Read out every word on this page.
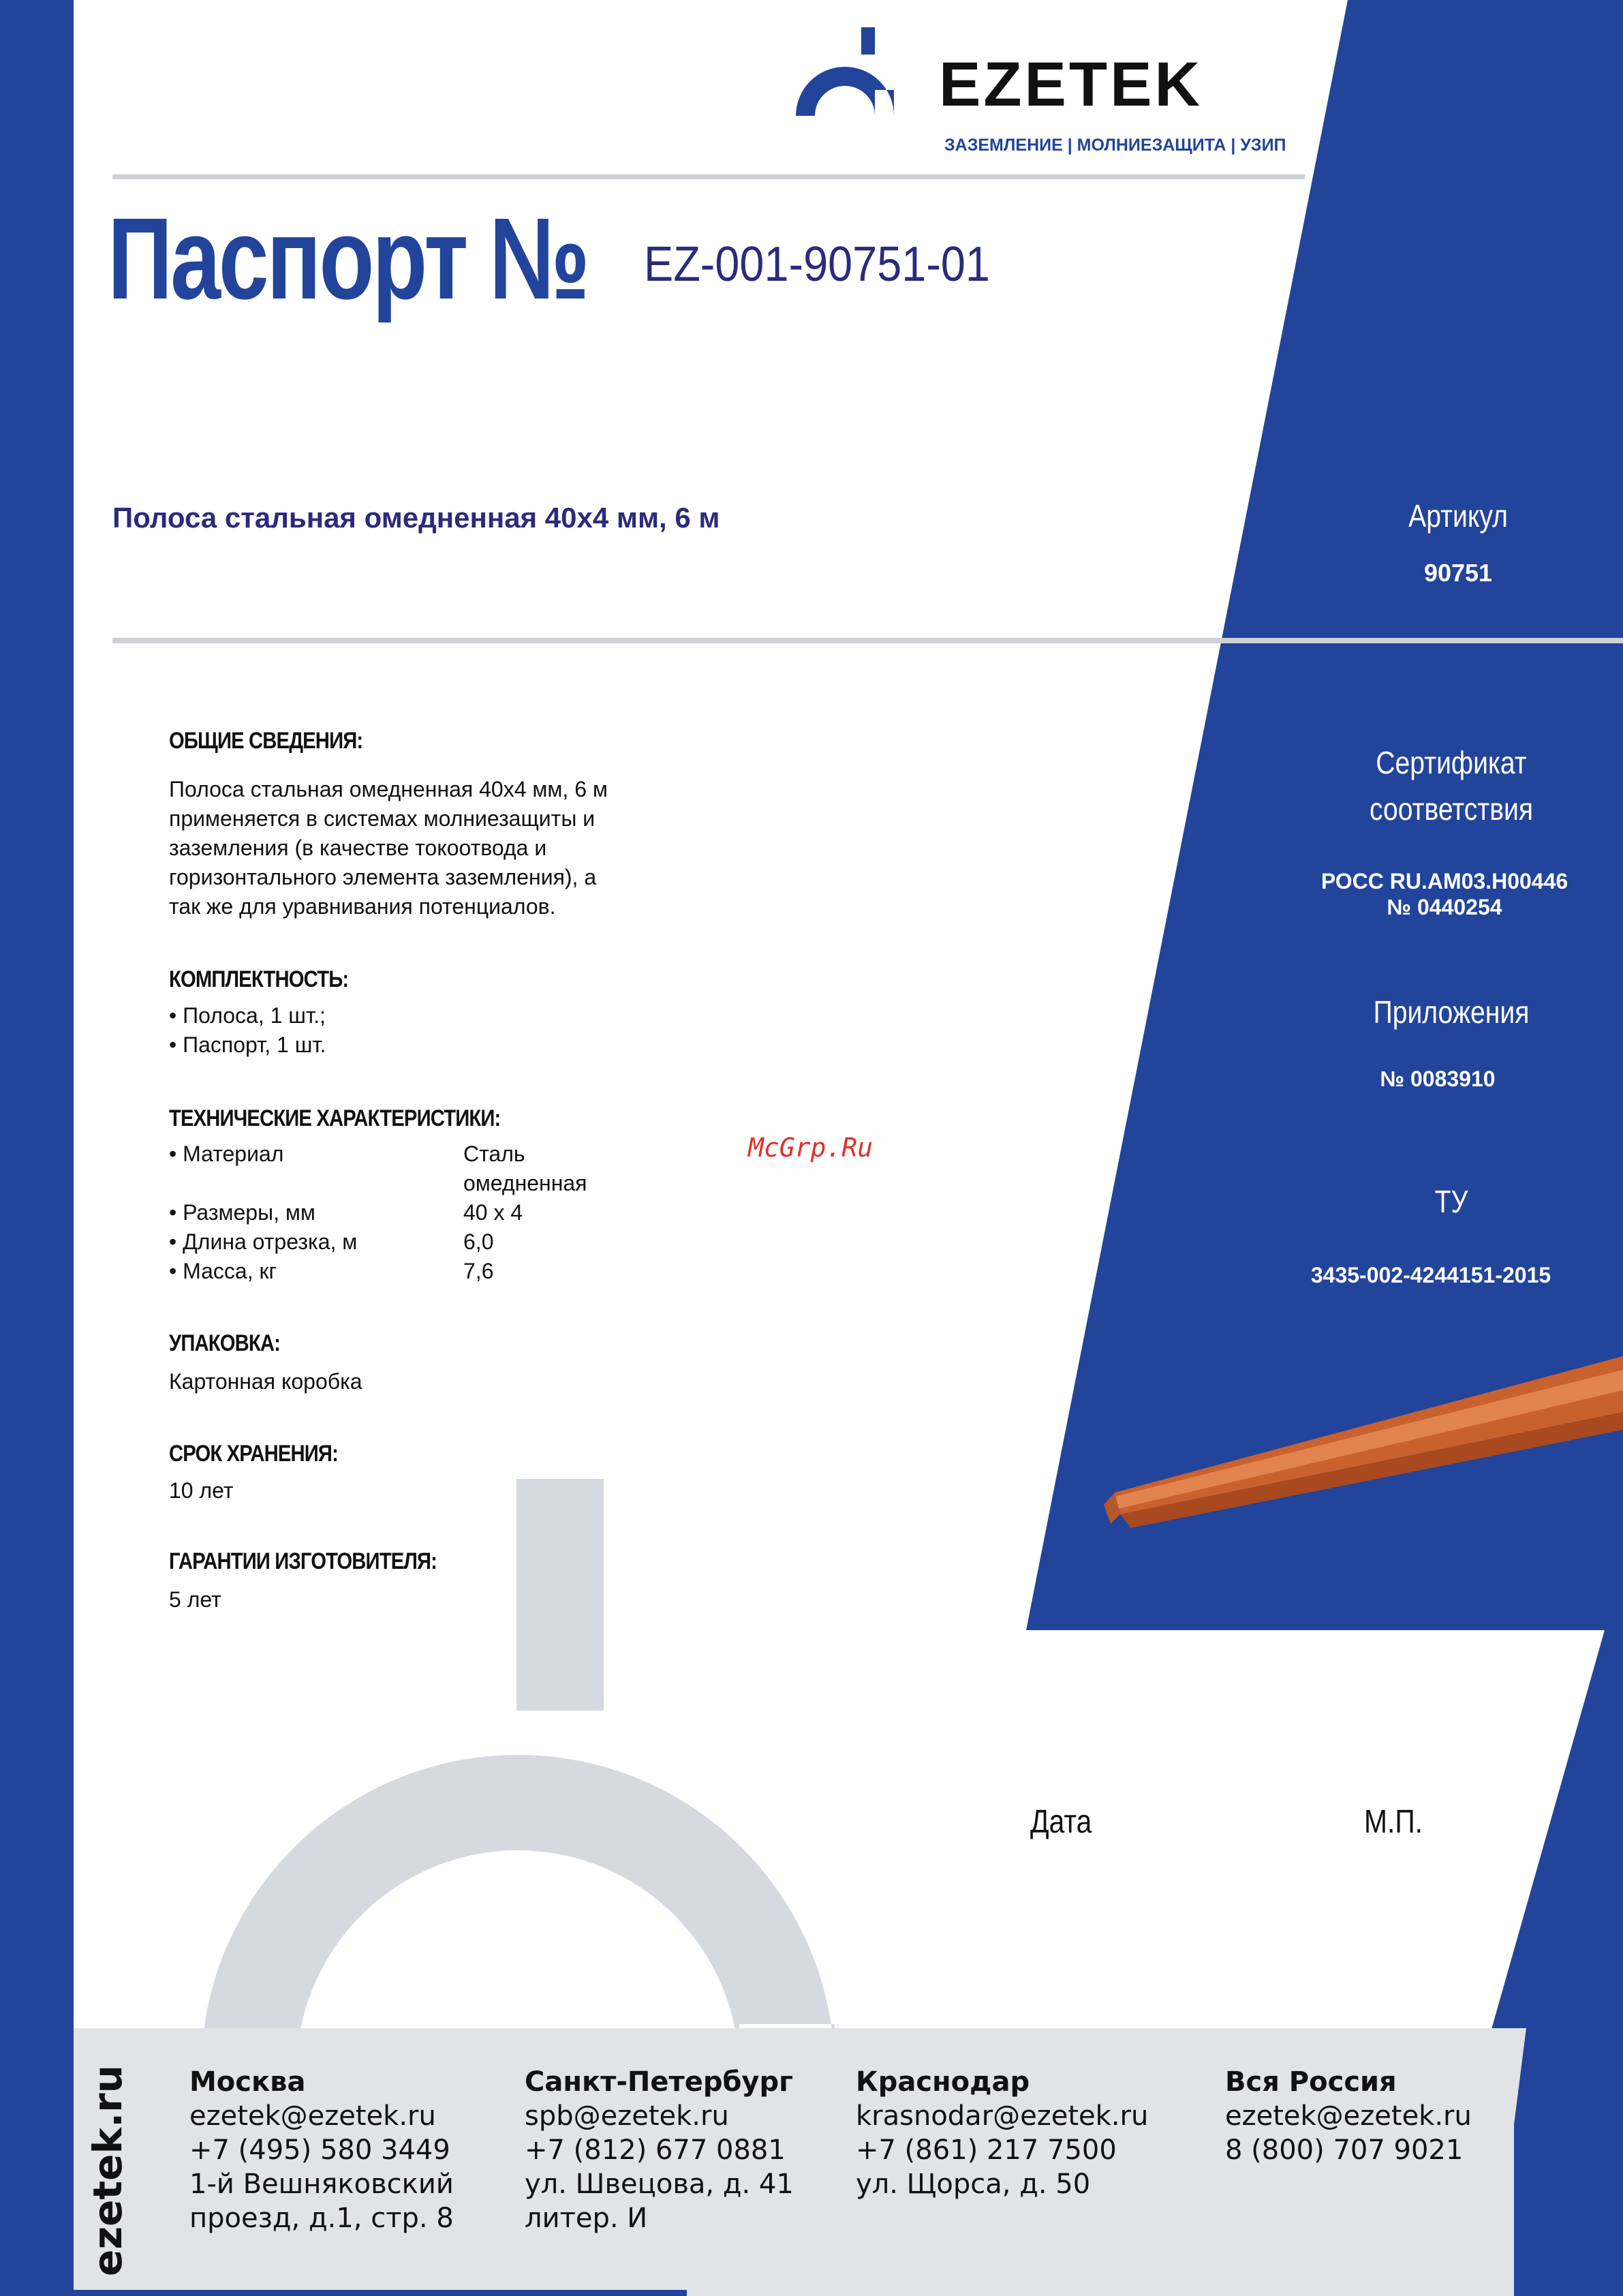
EZETEK
ЗАЗЕМЛЕНИЕ | МОЛНИЕЗАЩИТА | УЗИП
Паспорт № EZ-001-90751-01
Полоса стальная омедненная 40х4 мм, 6 м	Артикул
90751
Сертификат
соответствия
РОСС RU.AM03.H00446
№ 0440254
Приложения
№ 0083910
ТУ
3435-002-4244151-2015
ОБЩИЕ СВЕДЕНИЯ:
Полоса стальная омедненная 40х4 мм, 6 м
применяется в системах молниезащиты и
заземления (в качестве токоотвода и
горизонтального элемента заземления), а
так же для уравнивания потенциалов.
КОМПЛЕКТНОСТЬ:
• Полоса, 1 шт.;
• Паспорт, 1 шт.
ТЕХНИЧЕСКИЕ ХАРАКТЕРИСТИКИ:
• Материал	Сталь
омедненная
• Размеры, мм	40 x 4
• Длина отрезка, м	6,0
• Масса, кг	7,6
McGrp.Ru
УПАКОВКА:
Картонная коробка
СРОК ХРАНЕНИЯ:
10 лет
ГАРАНТИИ ИЗГОТОВИТЕЛЯ:
5 лет
Дата	М.П.
ezetek.ru Москва
ezetek@ezetek.ru
+7 (495) 580 3449
1-й Вешняковский
проезд, д.1, стр. 8
Санкт-Петербург
spb@ezetek.ru
+7 (812) 677 0881
ул. Швецова, д. 41
литер. И
Краснодар
krasnodar@ezetek.ru
+7 (861) 217 7500
ул. Щорса, д. 50
Вся Россия
ezetek@ezetek.ru
8 (800) 707 9021
